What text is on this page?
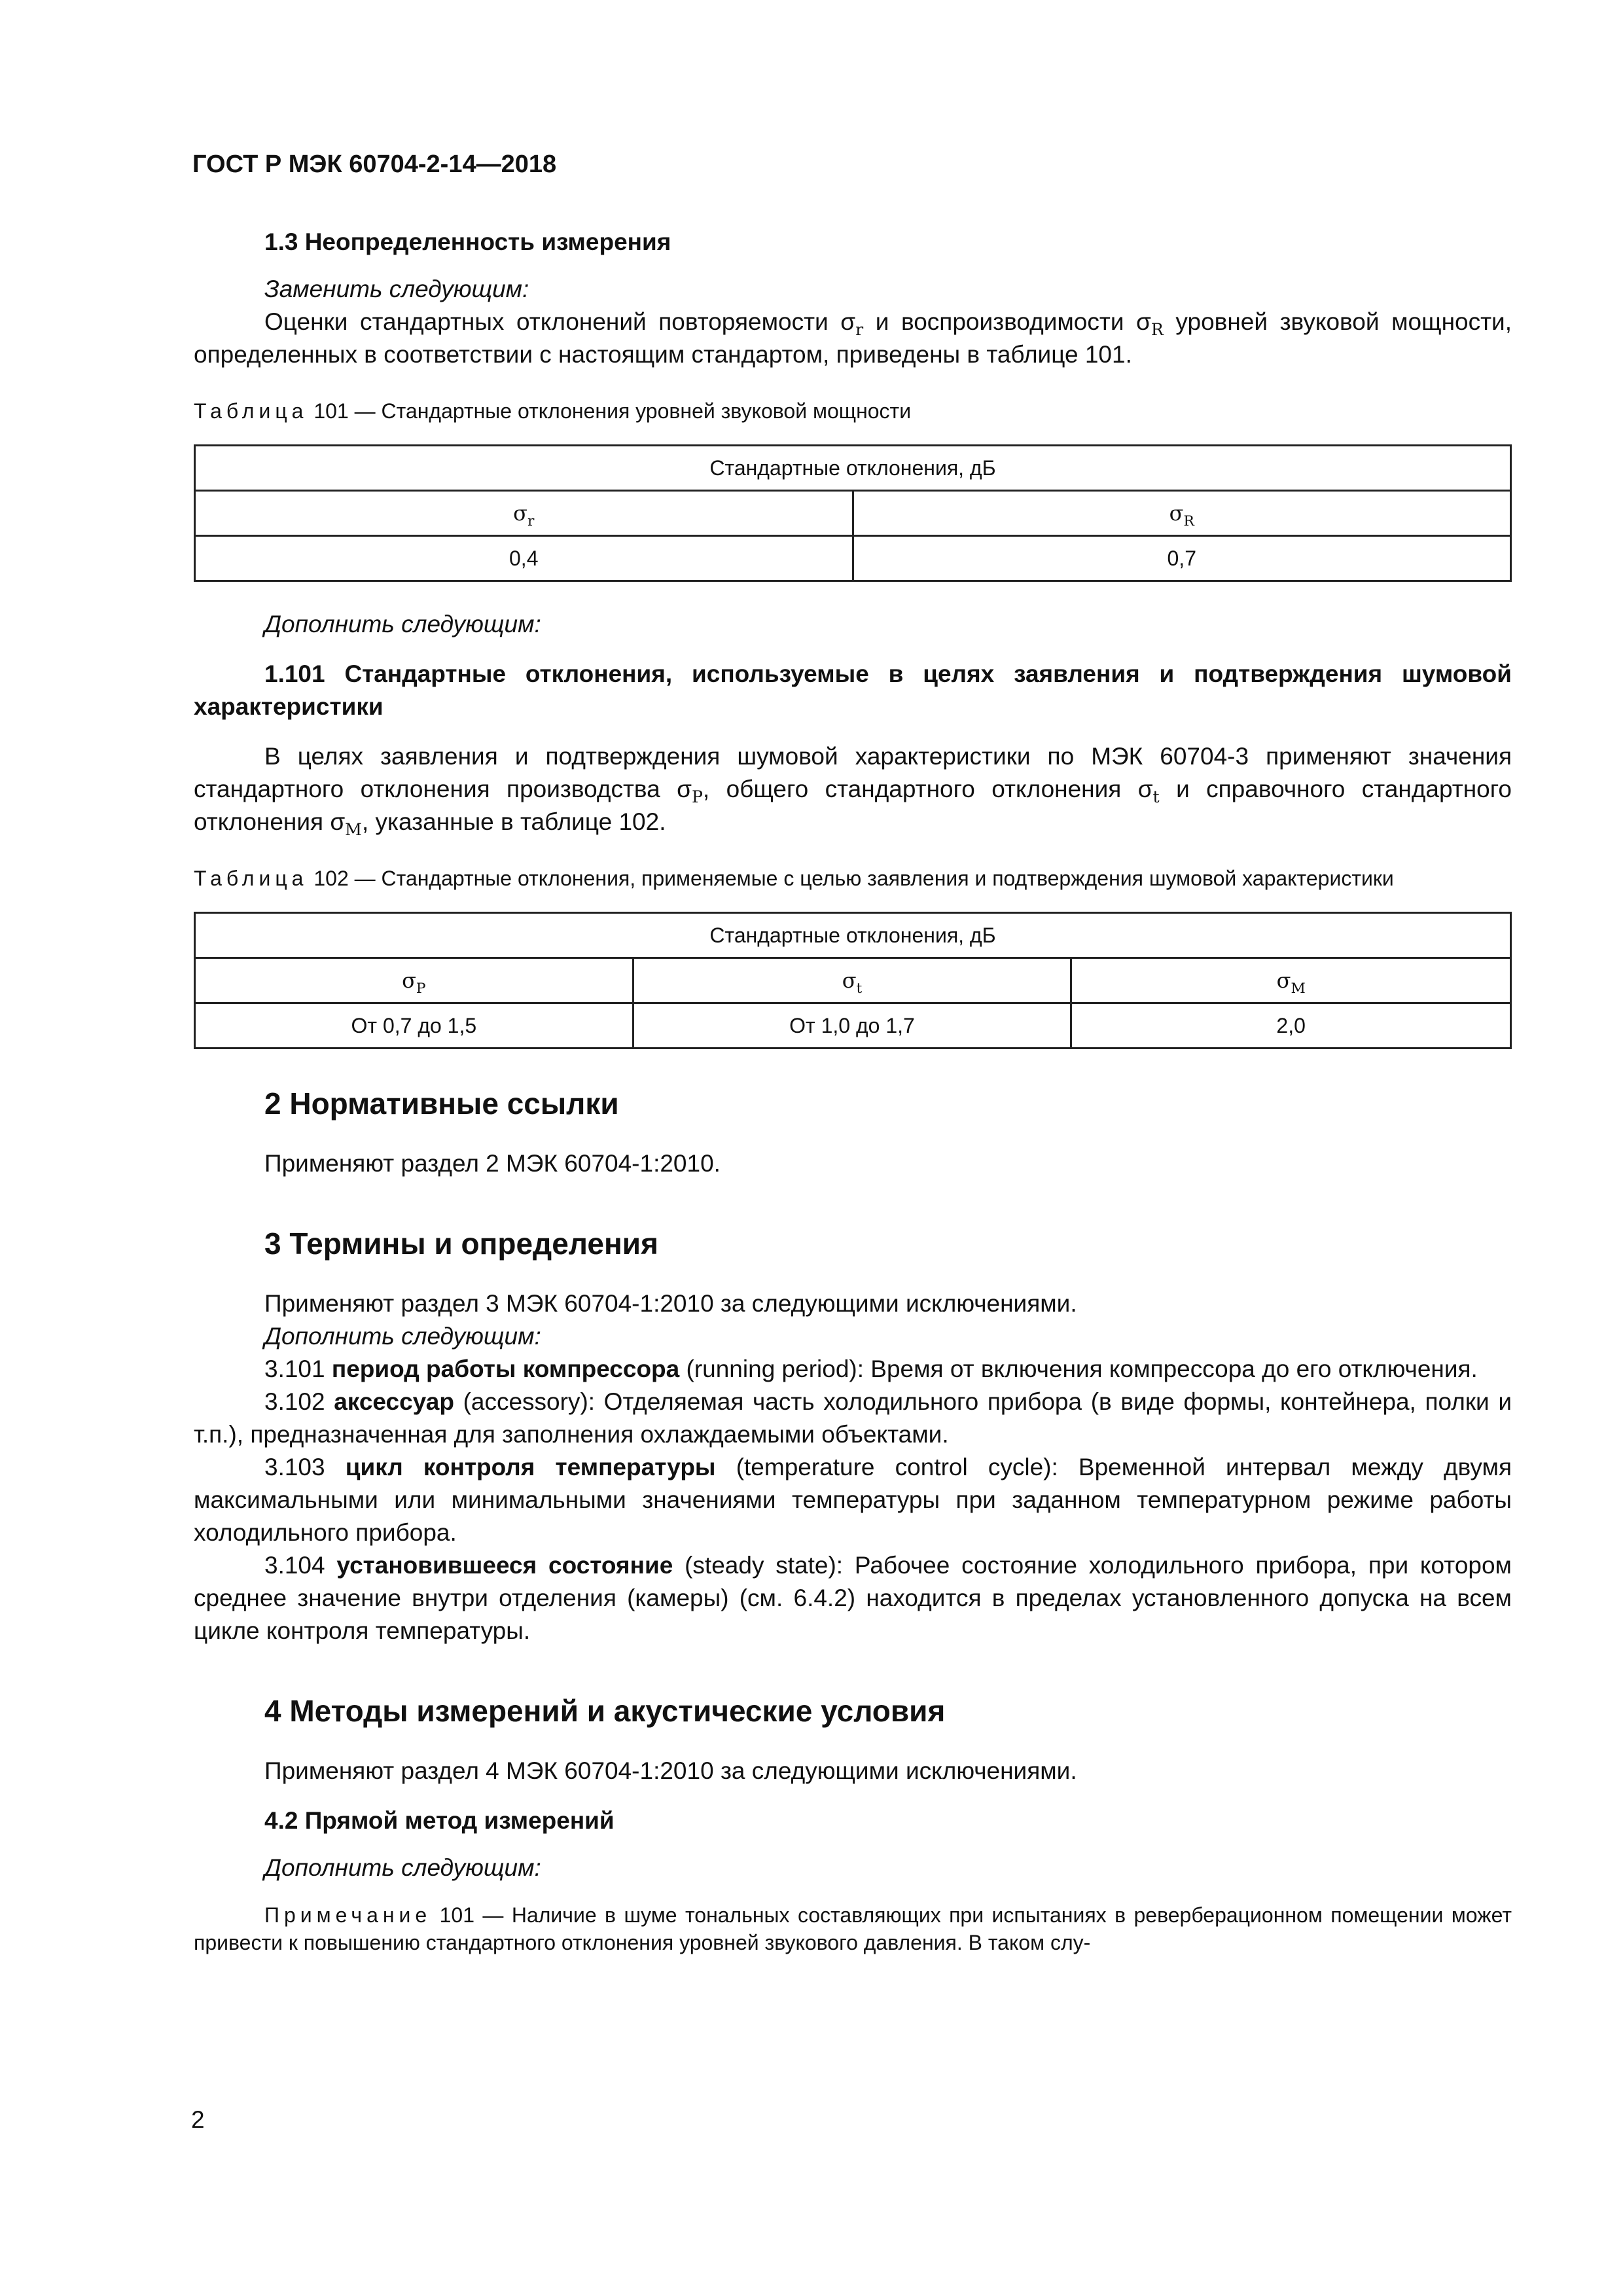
ГОСТ Р МЭК 60704-2-14—2018
1.3 Неопределенность измерения

Заменить следующим:

Оценки стандартных отклонений повторяемости $\sigma_r$ и воспроизводимости $\sigma_R$ уровней звуковой мощности, определенных в соответствии с настоящим стандартом, приведены в таблице 101.

Таблица 101 — Стандартные отклонения уровней звуковой мощности

Стандартные отклонения, дБ	
$\sigma_r$	$\sigma_R$
0,4	0,7

Дополнить следующим:

1.101 Стандартные отклонения, используемые в целях заявления и подтверждения шумовой характеристики

В целях заявления и подтверждения шумовой характеристики по МЭК 60704-3 применяют значения стандартного отклонения производства $\sigma_P$, общего стандартного отклонения $\sigma_t$ и справочного стандартного отклонения $\sigma_M$, указанные в таблице 102.

Таблица 102 — Стандартные отклонения, применяемые с целью заявления и подтверждения шумовой характеристики

Стандартные отклонения, дБ		
$\sigma_P$	$\sigma_t$	$\sigma_M$
От 0,7 до 1,5	От 1,0 до 1,7	2,0
2 Нормативные ссылки

Применяют раздел 2 МЭК 60704-1:2010.

3 Термины и определения

Применяют раздел 3 МЭК 60704-1:2010 за следующими исключениями.

Дополнить следующим:

3.101 период работы компрессора (running period): Время от включения компрессора до его отключения.

3.102 аксессуар (accessory): Отделяемая часть холодильного прибора (в виде формы, контейнера, полки и т.п.), предназначенная для заполнения охлаждаемыми объектами.

3.103 цикл контроля температуры (temperature control cycle): Временной интервал между двумя максимальными или минимальными значениями температуры при заданном температурном режиме работы холодильного прибора.

3.104 установившееся состояние (steady state): Рабочее состояние холодильного прибора, при котором среднее значение внутри отделения (камеры) (см. 6.4.2) находится в пределах установленного допуска на всем цикле контроля температуры.

4 Методы измерений и акустические условия

Применяют раздел 4 МЭК 60704-1:2010 за следующими исключениями.

4.2 Прямой метод измерений

Дополнить следующим:

Примечание 101 — Наличие в шуме тональных составляющих при испытаниях в реверберационном помещении может привести к повышению стандартного отклонения уровней звукового давления. В таком слу-

2
